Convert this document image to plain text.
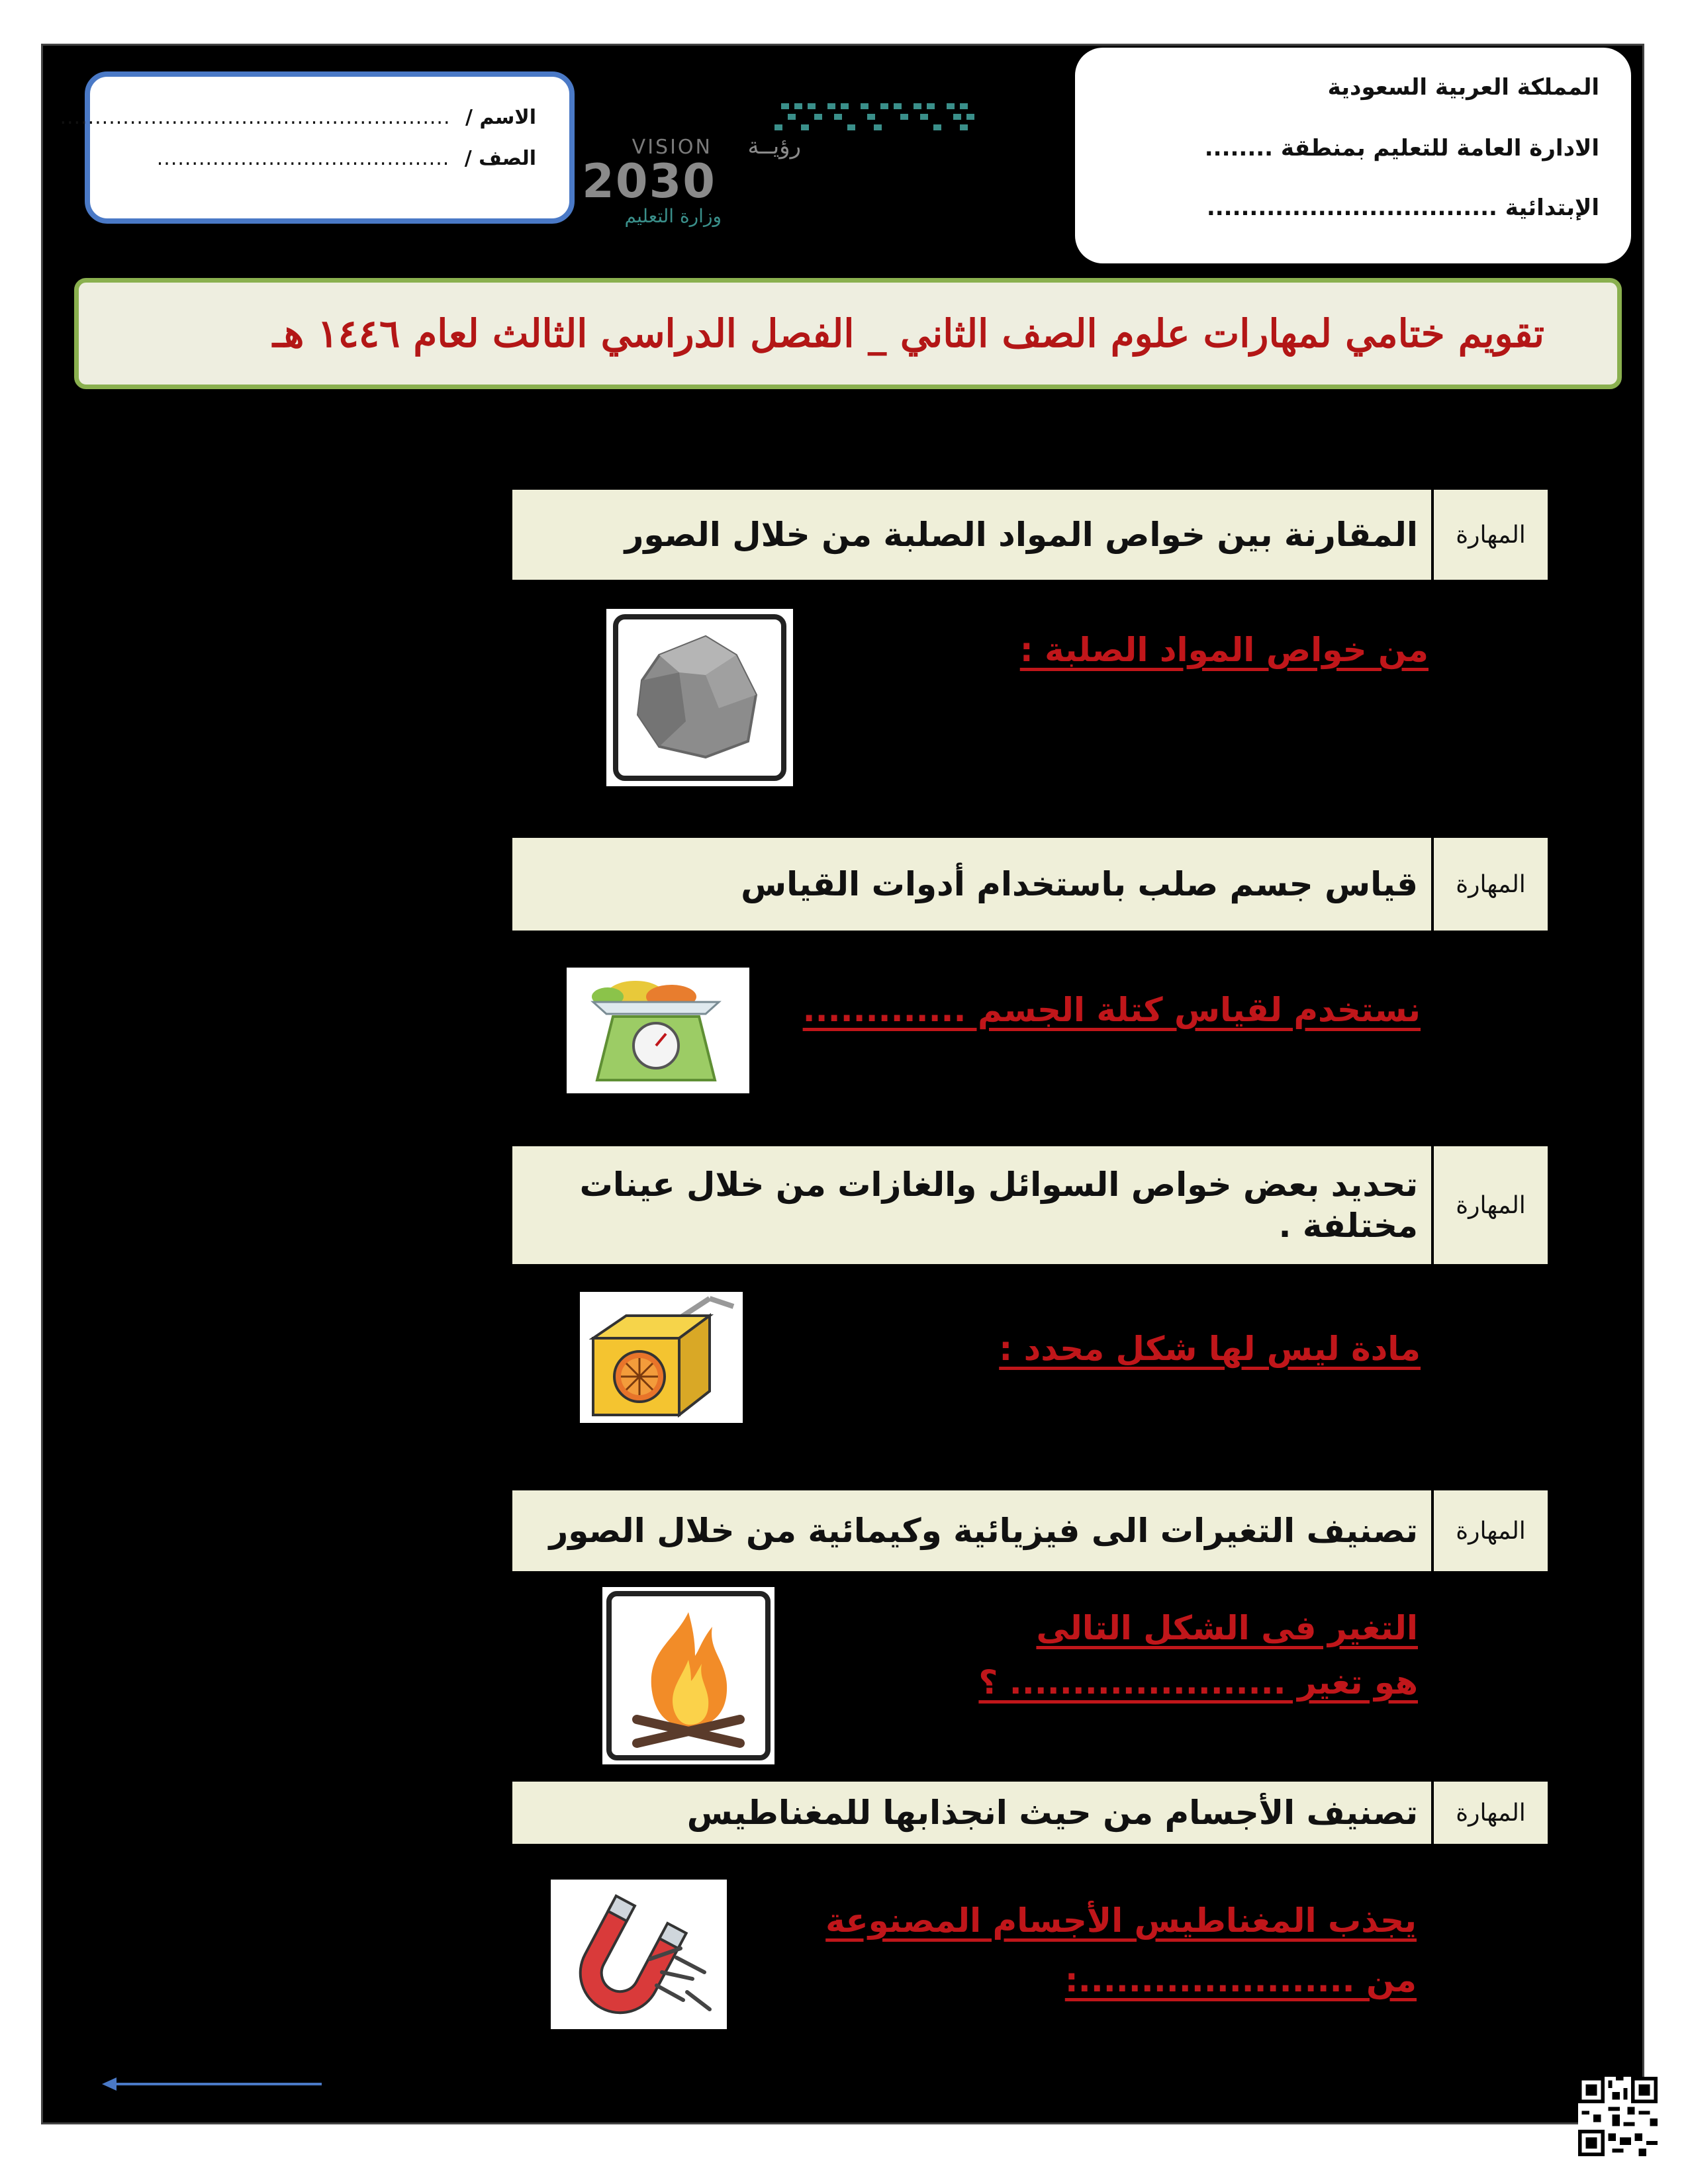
الاسم / ........................................................
الصف / ..........................................	VISION رؤيــة
2030
وزارة التعليم
المملكة العربية السعودية
الادارة العامة للتعليم بمنطقة ........
الإبتدائية ..................................
تقويم ختامي لمهارات علوم الصف الثاني _ الفصل الدراسي الثالث لعام ١٤٤٦ هـ
المهارة
المقارنة بين خواص المواد الصلبة من خلال الصور
من خواص المواد الصلبة :
المهارة
قياس جسم صلب باستخدام أدوات القياس
نستخدم لقياس كتلة الجسم .............
المهارة
تحديد بعض خواص السوائل والغازات من خلال عينات مختلفة .
مادة ليس لها شكل محدد :
المهارة
تصنيف التغيرات الى فيزيائية وكيمائية من خلال الصور
التغير فى الشكل التالى
هو تغير ...................... ؟
المهارة
تصنيف الأجسام من حيث انجذابها للمغناطيس
يجذب المغناطيس الأجسام المصنوعة
من ......................:
